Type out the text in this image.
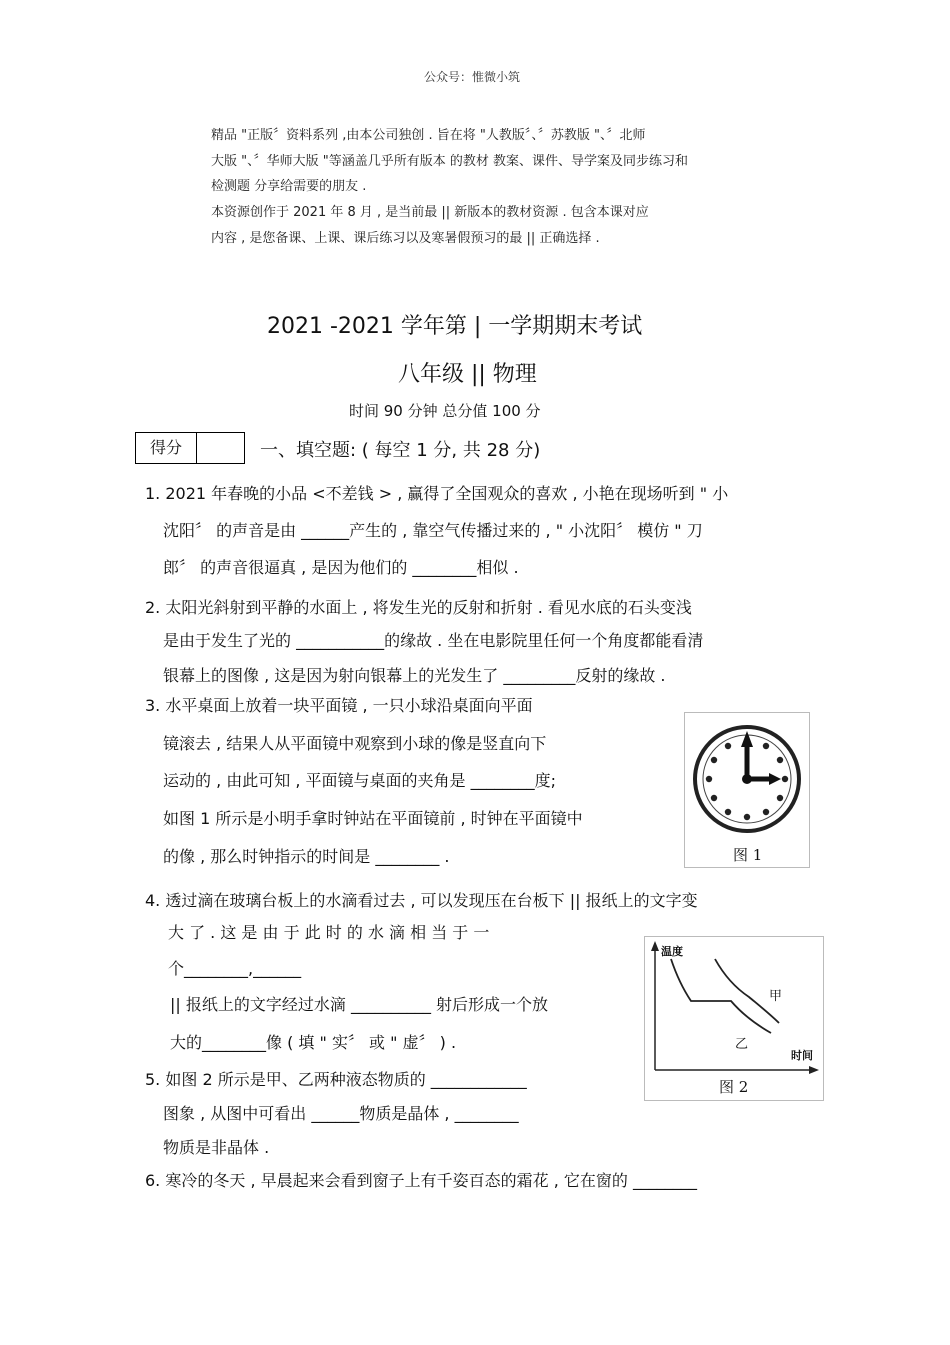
公众号：惟微小筑
精品 "正版〞资料系列 ,由本公司独创 . 旨在将 "人教版〞、〞苏教版 "、〞北师
大版 "、〞华师大版 "等涵盖几乎所有版本 的教材 教案、课件、导学案及同步练习和
检测题 分享给需要的朋友 .
本资源创作于 2021 年 8 月 , 是当前最 || 新版本的教材资源 . 包含本课对应
内容 , 是您备课、上课、课后练习以及寒暑假预习的最 || 正确选择 .
2021 -2021 学年第 | 一学期期末考试
八年级 || 物理
时间 90 分钟 总分值 100 分
得分	一、填空题: ( 每空 1 分, 共 28 分)
1. 2021 年春晚的小品 <不差钱 > , 赢得了全国观众的喜欢 , 小艳在现场听到 " 小
沈阳〞 的声音是由 ______产生的 , 靠空气传播过来的 , " 小沈阳〞 模仿 " 刀
郎〞 的声音很逼真 , 是因为他们的 ________相似 .
2. 太阳光斜射到平静的水面上 , 将发生光的反射和折射 . 看见水底的石头变浅
是由于发生了光的 ___________的缘故 . 坐在电影院里任何一个角度都能看清
银幕上的图像 , 这是因为射向银幕上的光发生了 _________反射的缘故 .
3. 水平桌面上放着一块平面镜 , 一只小球沿桌面向平面
镜滚去 , 结果人从平面镜中观察到小球的像是竖直向下
运动的 , 由此可知 , 平面镜与桌面的夹角是 ________度;
如图 1 所示是小明手拿时钟站在平面镜前 , 时钟在平面镜中
的像 , 那么时钟指示的时间是 ________ .
4. 透过滴在玻璃台板上的水滴看过去 , 可以发现压在台板下 || 报纸上的文字变
大 了 . 这 是 由 于 此 时 的 水 滴 相 当 于 一
个________,______
|| 报纸上的文字经过水滴 __________ 射后形成一个放
大的________像 ( 填 " 实〞 或 " 虚〞 ) .
5. 如图 2 所示是甲、乙两种液态物质的 ____________
图象 , 从图中可看出 ______物质是晶体 , ________
物质是非晶体 .
6. 寒冷的冬天 , 早晨起来会看到窗子上有千姿百态的霜花 , 它在窗的 ________
图 1
温度
时间
甲
乙
图 2
